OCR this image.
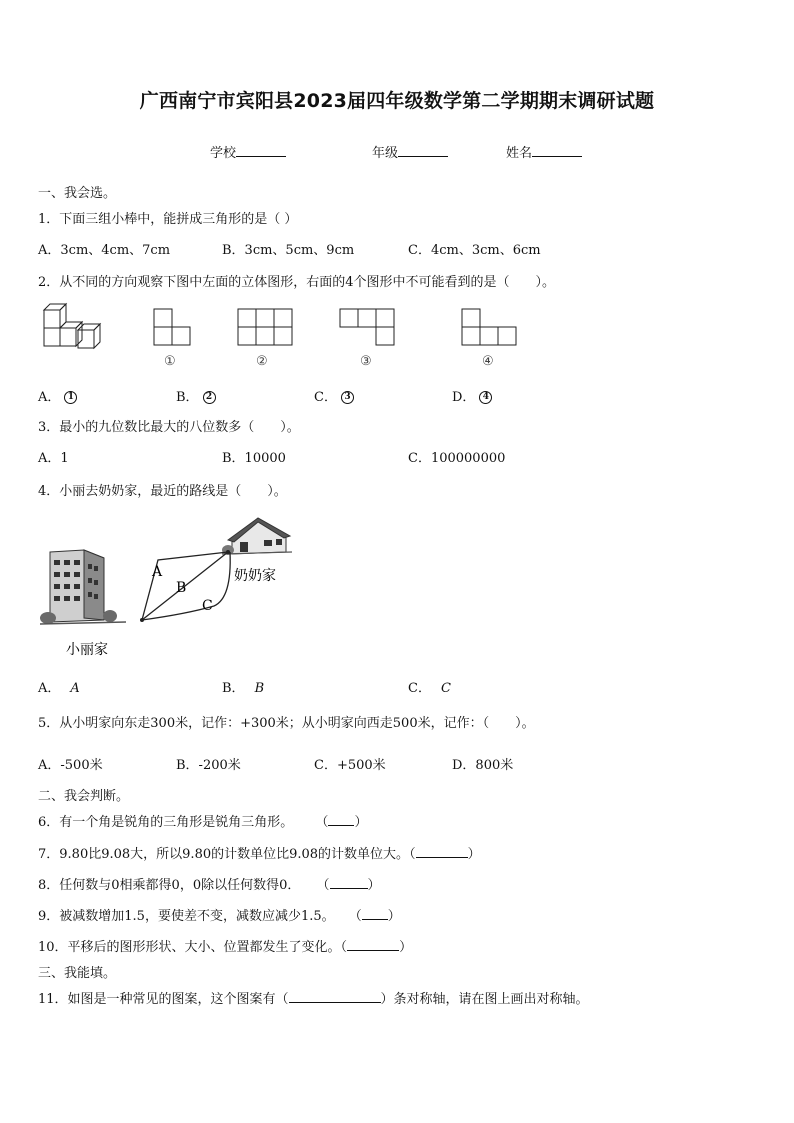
广西南宁市宾阳县2023届四年级数学第二学期期末调研试题
学校	年级	姓名
一、我会选。
1．下面三组小棒中，能拼成三角形的是（ ）
A．3cm、4cm、7cm	B．3cm、5cm、9cm	C．4cm、3cm、6cm
2．从不同的方向观察下图中左面的立体图形，右面的4个图形中不可能看到的是（　　）。
①	②	③	④
A． 1	B． 2	C． 3	D． 4
3．最小的九位数比最大的八位数多（　　）。
A．1	B．10000	C．100000000
4．小丽去奶奶家，最近的路线是（　　）。
A
B
C
奶奶家
小丽家
A． A	B． B	C． C
5．从小明家向东走300米，记作：+300米；从小明家向西走500米，记作：（　　）。
A．-500米	B．-200米	C．+500米	D．800米
二、我会判断。
6．有一个角是锐角的三角形是锐角三角形。 （ ）
7．9.80比9.08大，所以9.80的计数单位比9.08的计数单位大。（	）
8．任何数与0相乘都得0，0除以任何数得0． （	）
9．被减数增加1.5，要使差不变，减数应减少1.5。 （ ）
10．平移后的图形形状、大小、位置都发生了变化。（	）
三、我能填。
11．如图是一种常见的图案，这个图案有（	）条对称轴，请在图上画出对称轴。
